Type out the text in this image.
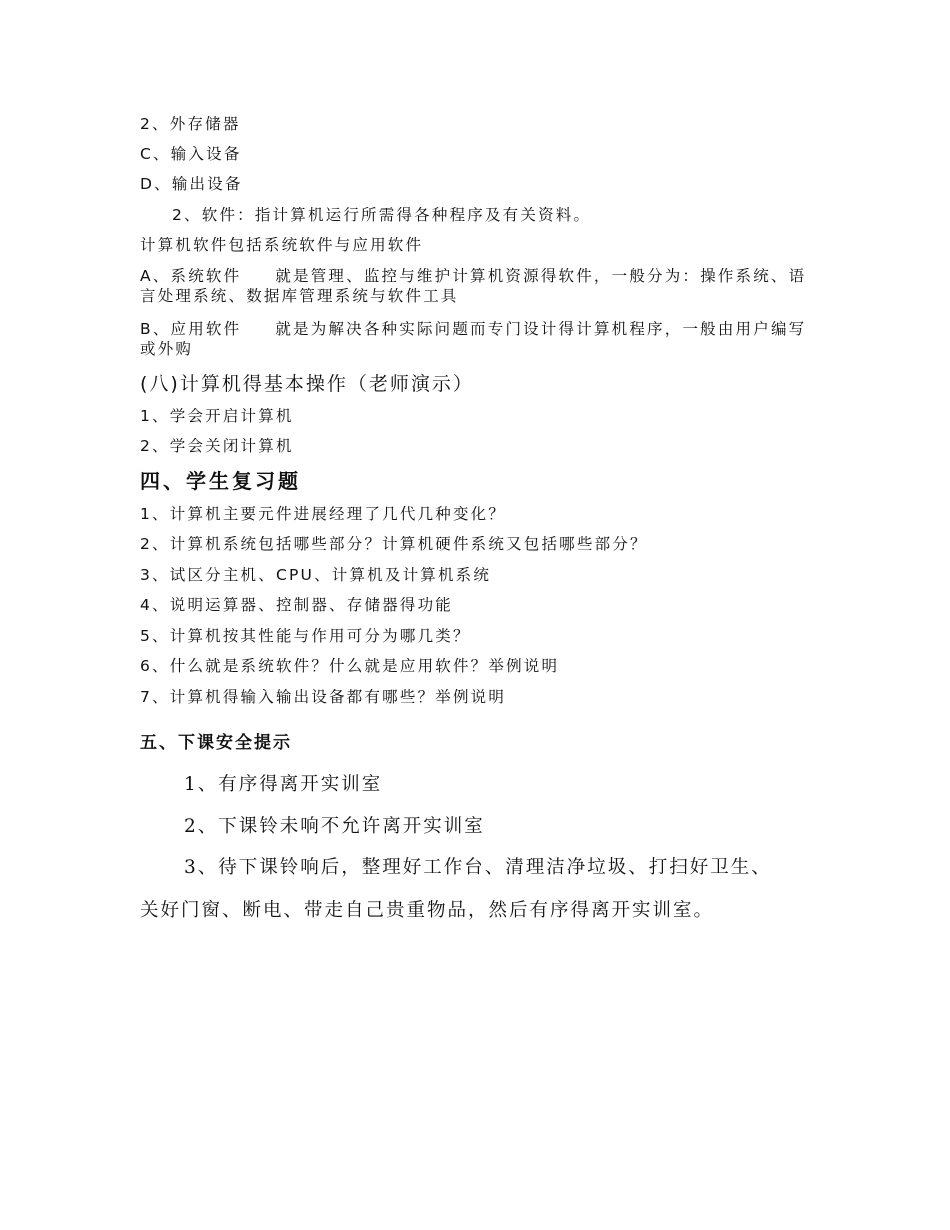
2、外存储器
C、输入设备
D、输出设备
2、软件：指计算机运行所需得各种程序及有关资料。
计算机软件包括系统软件与应用软件
A、系统软件 就是管理、监控与维护计算机资源得软件，一般分为：操作系统、语言处理系统、数据库管理系统与软件工具
B、应用软件 就是为解决各种实际问题而专门设计得计算机程序，一般由用户编写或外购
(八)计算机得基本操作（老师演示）
1、学会开启计算机
2、学会关闭计算机
四、学生复习题
1、计算机主要元件进展经理了几代几种变化？
2、计算机系统包括哪些部分？计算机硬件系统又包括哪些部分？
3、试区分主机、CPU、计算机及计算机系统
4、说明运算器、控制器、存储器得功能
5、计算机按其性能与作用可分为哪几类？
6、什么就是系统软件？什么就是应用软件？举例说明
7、计算机得输入输出设备都有哪些？举例说明
五、下课安全提示
1、有序得离开实训室
2、下课铃未响不允许离开实训室
3、待下课铃响后，整理好工作台、清理洁净垃圾、打扫好卫生、
关好门窗、断电、带走自己贵重物品，然后有序得离开实训室。
